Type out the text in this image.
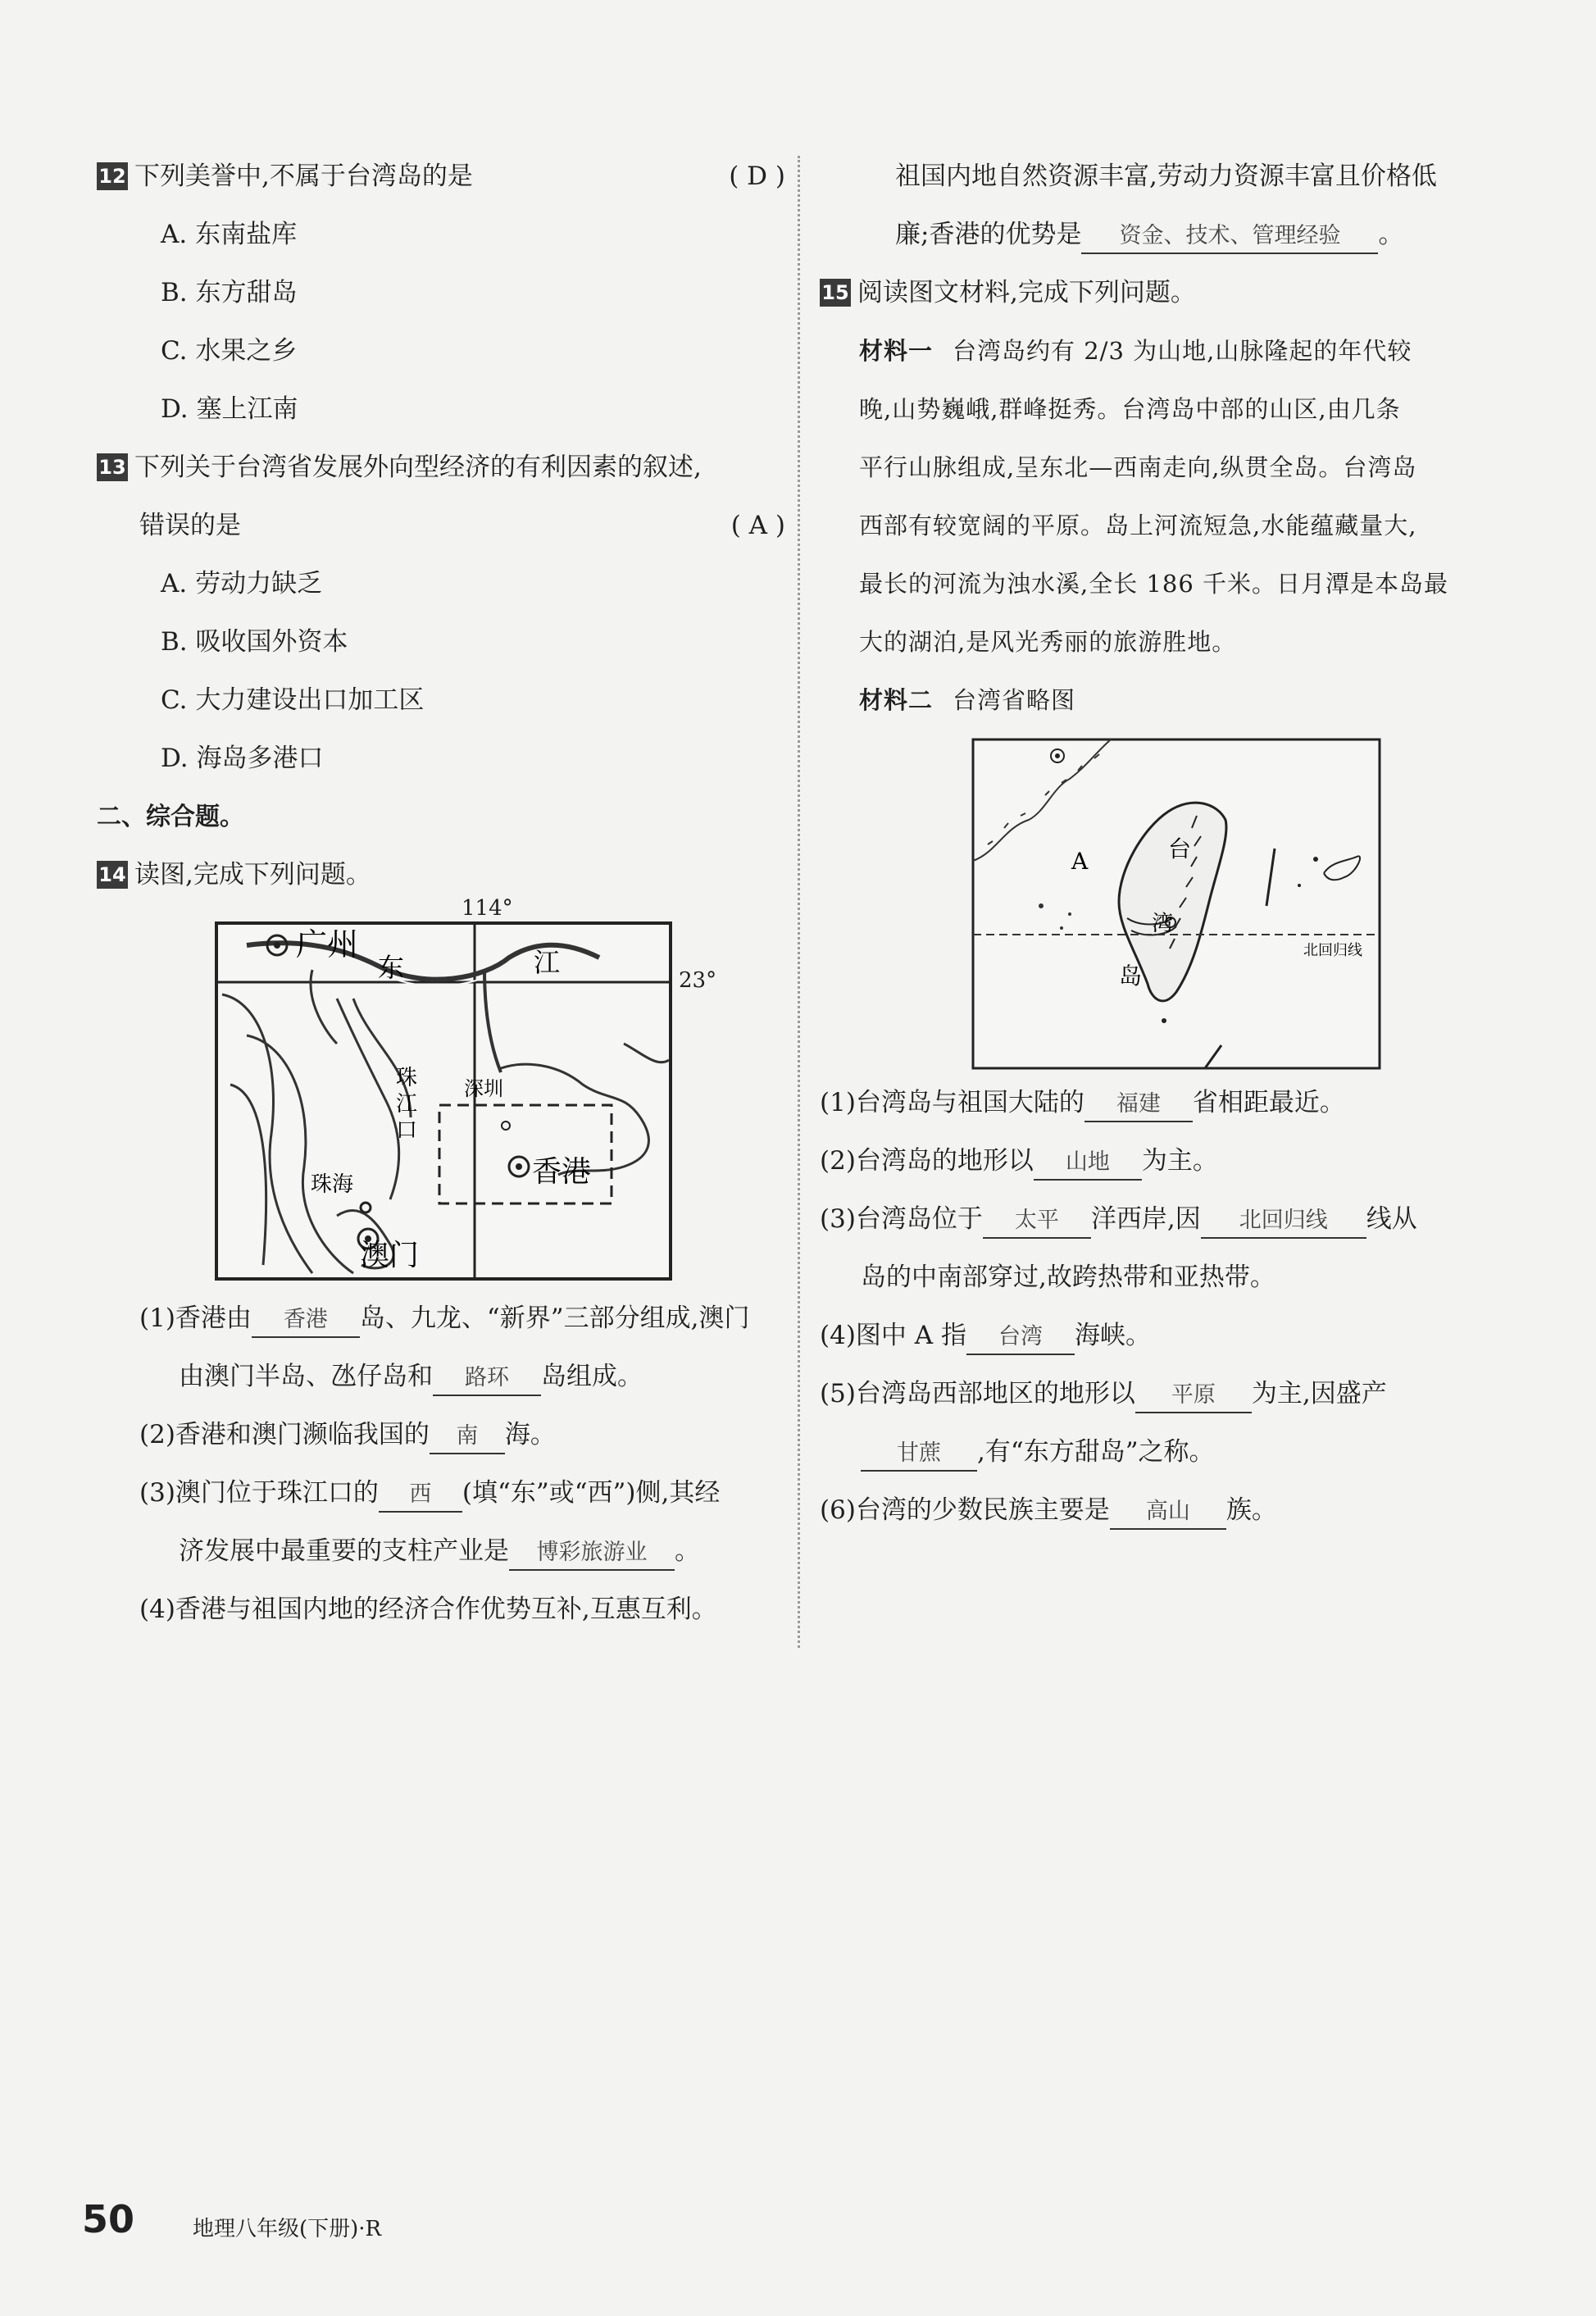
12 下列美誉中,不属于台湾岛的是	( D )
A. 东南盐库
B. 东方甜岛
C. 水果之乡
D. 塞上江南
13 下列关于台湾省发展外向型经济的有利因素的叙述,
错误的是	( A )
A. 劳动力缺乏
B. 吸收国外资本
C. 大力建设出口加工区
D. 海岛多港口
二、综合题。
14 读图,完成下列问题。
广州
东	江
珠
江
口
深圳
珠海	香港
澳门
114°
23°
(1)香港由 香港 岛、九龙、“新界”三部分组成,澳门
由澳门半岛、氹仔岛和 路环 岛组成。
(2)香港和澳门濒临我国的 南 海。
(3)澳门位于珠江口的 西 (填“东”或“西”)侧,其经
济发展中最重要的支柱产业是 博彩旅游业 。
(4)香港与祖国内地的经济合作优势互补,互惠互利。
祖国内地自然资源丰富,劳动力资源丰富且价格低
廉;香港的优势是 资金、技术、管理经验 。
15 阅读图文材料,完成下列问题。
材料一 台湾岛约有 2/3 为山地,山脉隆起的年代较
晚,山势巍峨,群峰挺秀。台湾岛中部的山区,由几条
平行山脉组成,呈东北—西南走向,纵贯全岛。台湾岛
西部有较宽阔的平原。岛上河流短急,水能蕴藏量大,
最长的河流为浊水溪,全长 186 千米。日月潭是本岛最
大的湖泊,是风光秀丽的旅游胜地。
材料二 台湾省略图
A	台
湾
岛
北回归线
(1)台湾岛与祖国大陆的 福建 省相距最近。
(2)台湾岛的地形以 山地 为主。
(3)台湾岛位于 太平 洋西岸,因 北回归线 线从
岛的中南部穿过,故跨热带和亚热带。
(4)图中 A 指 台湾 海峡。
(5)台湾岛西部地区的地形以 平原 为主,因盛产
甘蔗 ,有“东方甜岛”之称。
(6)台湾的少数民族主要是 高山 族。
50	地理八年级(下册)·R
